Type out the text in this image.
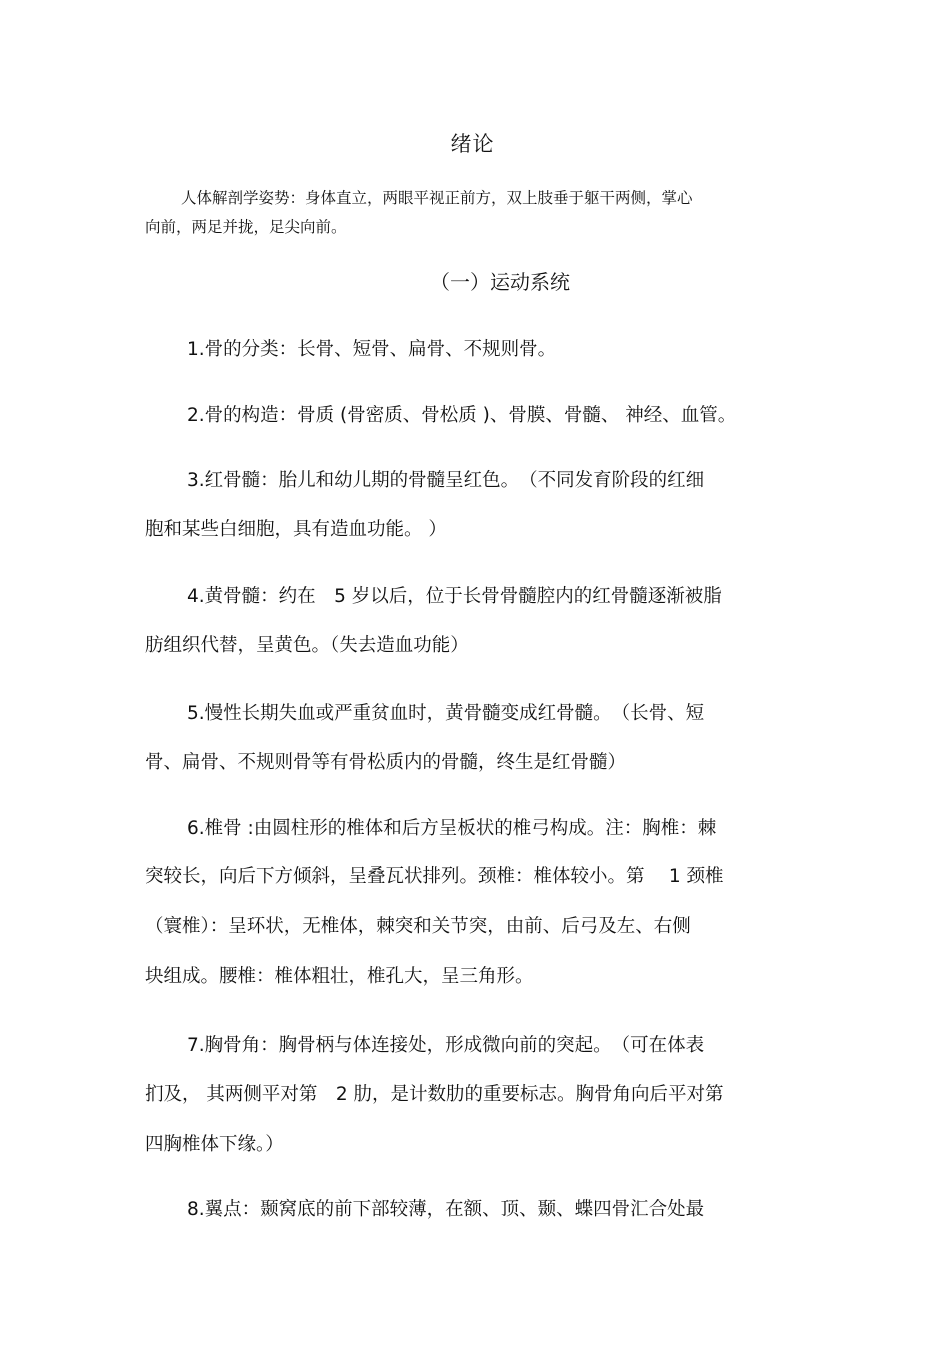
绪论
人体解剖学姿势：身体直立，两眼平视正前方，双上肢垂于躯干两侧，掌心
向前，两足并拢，足尖向前。
（一）运动系统
1.骨的分类：长骨、短骨、扁骨、不规则骨。
2.骨的构造：骨质 (骨密质、骨松质 )、骨膜、骨髓、 神经、血管。
3.红骨髓：胎儿和幼儿期的骨髓呈红色。　（不同发育阶段的红细
胞和某些白细胞，具有造血功能。 ）
4.黄骨髓：约在　5 岁以后，位于长骨骨髓腔内的红骨髓逐渐被脂
肪组织代替，呈黄色。（失去造血功能）
5.慢性长期失血或严重贫血时，黄骨髓变成红骨髓。　（长骨、短
骨、扁骨、不规则骨等有骨松质内的骨髓，终生是红骨髓）
6.椎骨 :由圆柱形的椎体和后方呈板状的椎弓构成。注：胸椎：棘
突较长，向后下方倾斜，呈叠瓦状排列。颈椎：椎体较小。第　 1 颈椎
（寰椎）：呈环状，无椎体，棘突和关节突，由前、后弓及左、右侧
块组成。腰椎：椎体粗壮，椎孔大，呈三角形。
7.胸骨角：胸骨柄与体连接处，形成微向前的突起。　（可在体表
扪及， 其两侧平对第　2 肋，是计数肋的重要标志。胸骨角向后平对第
四胸椎体下缘。）
8.翼点：颞窝底的前下部较薄，在额、顶、颞、蝶四骨汇合处最
